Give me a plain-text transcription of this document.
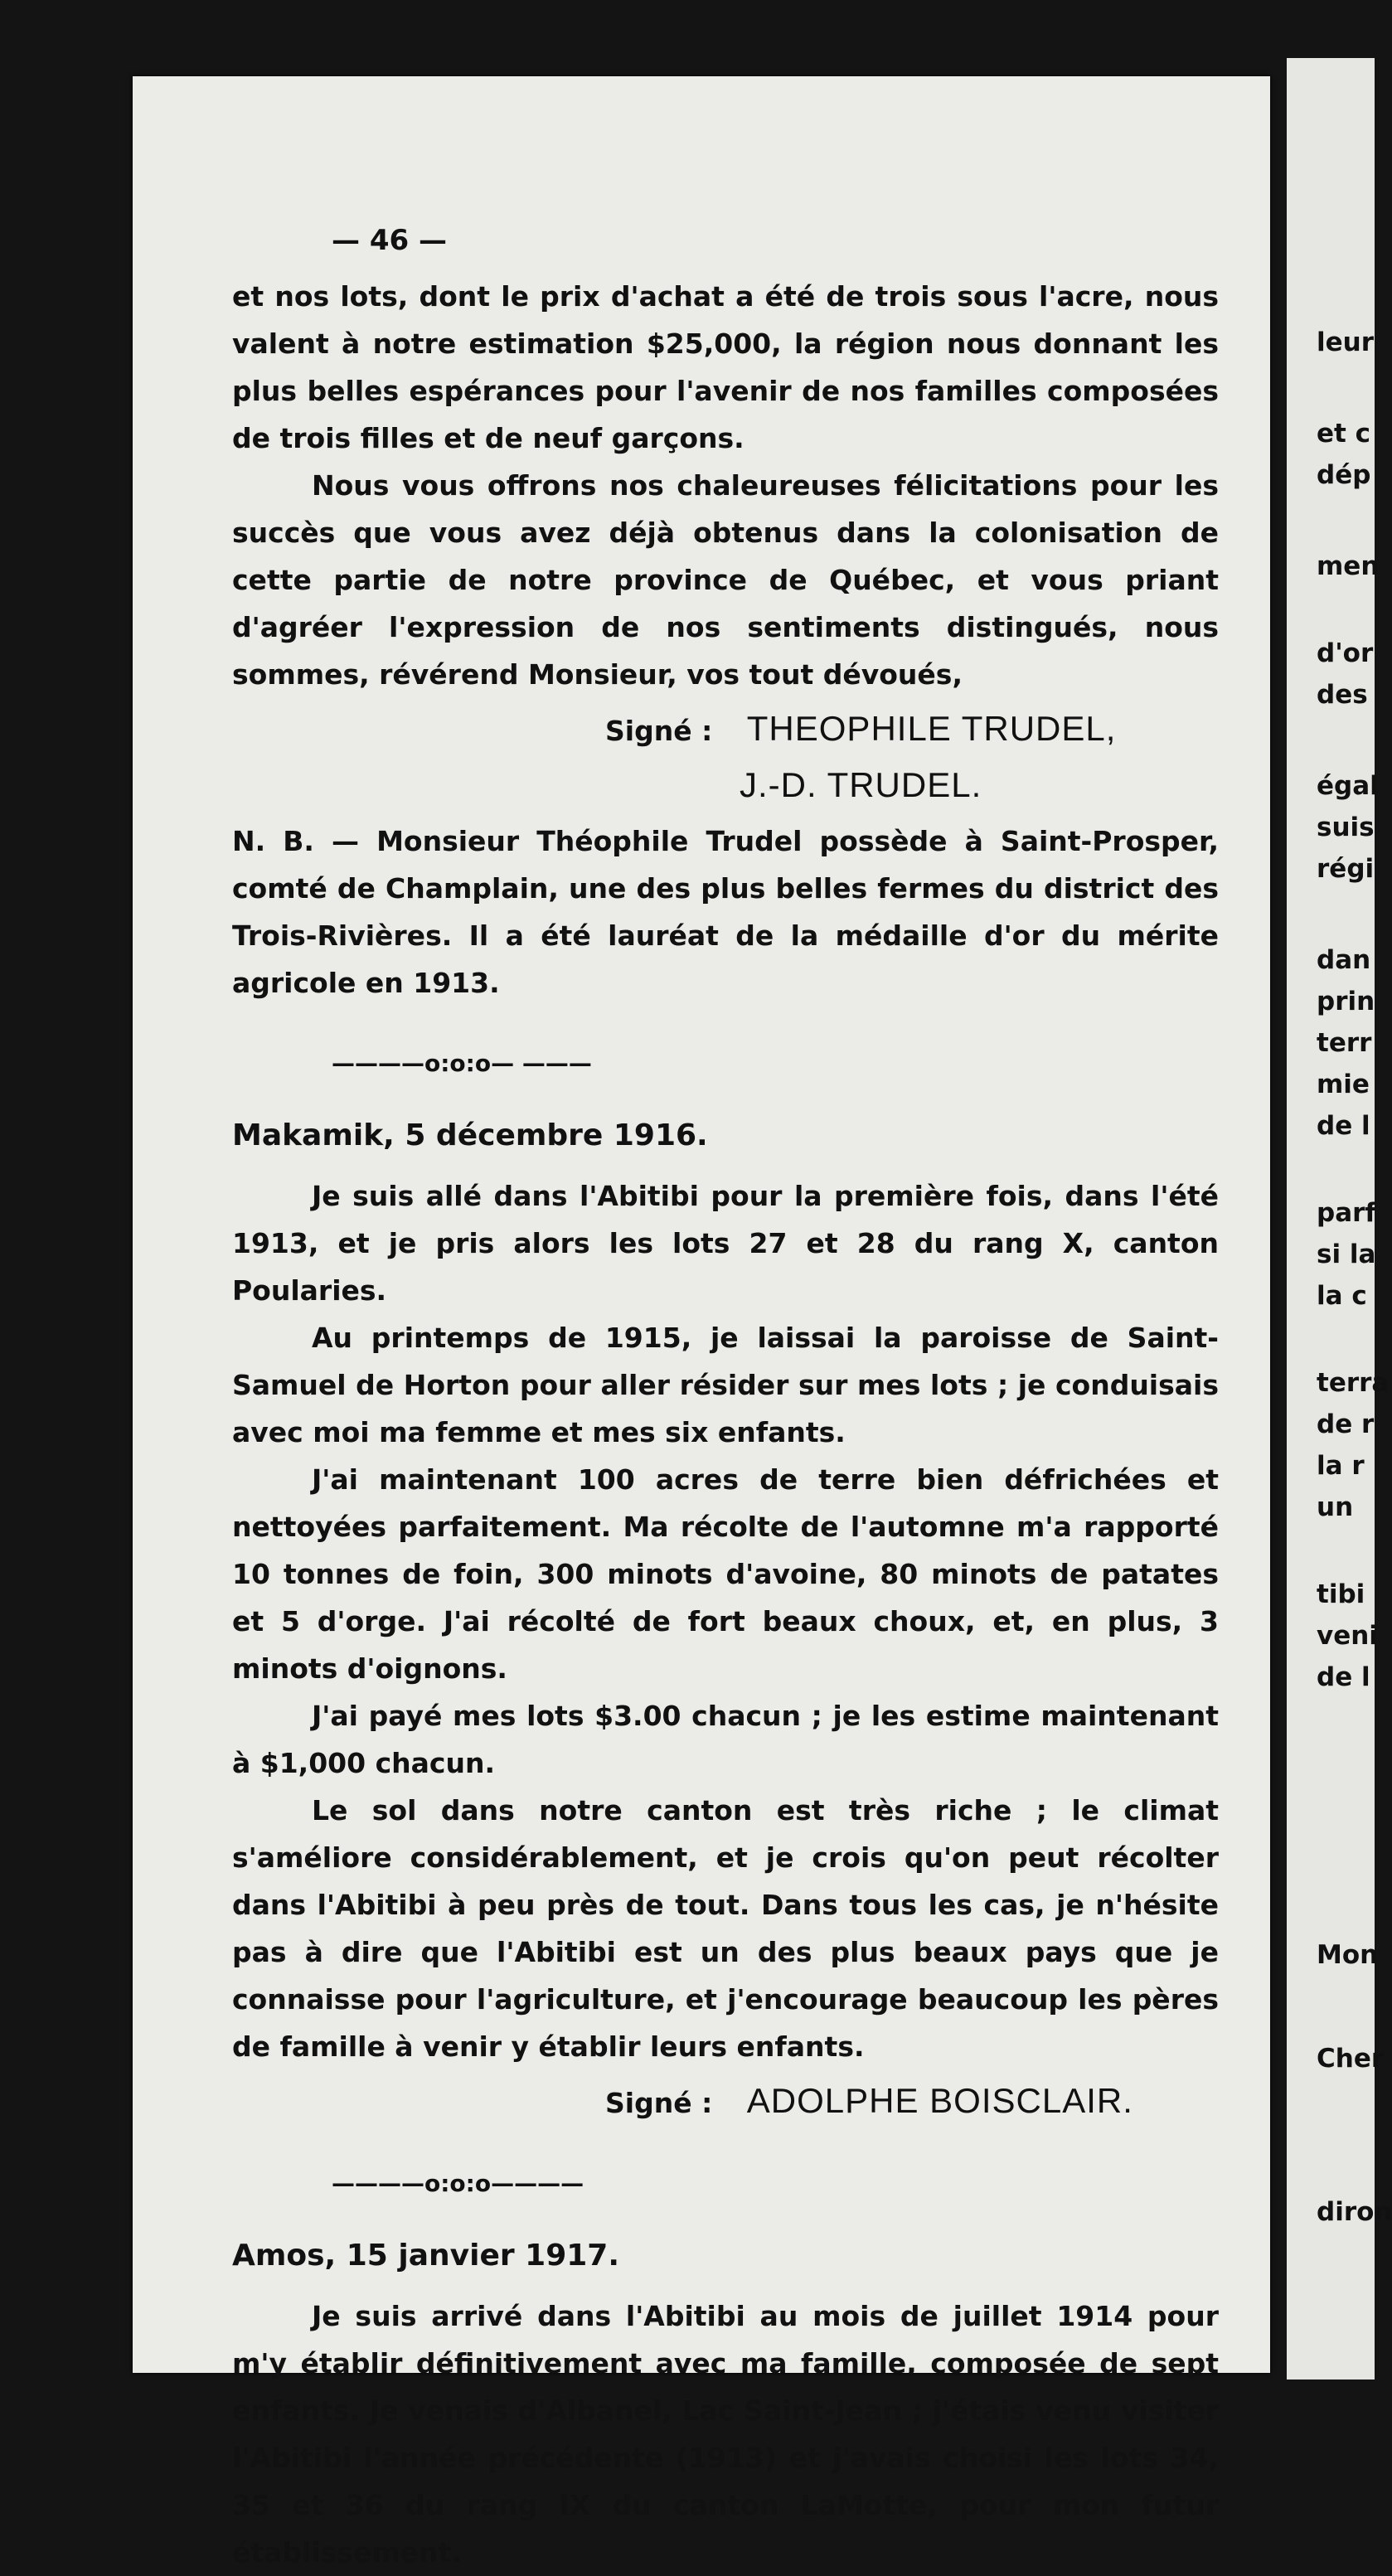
leur
et c
dép
men
d'or
des
égal
suis
régi
dan
prin
terr
mie
de l
parf
si la
la c
terra
de r
la r
un
tibi
veni
de l
Mon
Cher
diron

— 46 —

et nos lots, dont le prix d'achat a été de trois sous l'acre, nous valent à notre estimation $25,000, la région nous donnant les plus belles espérances pour l'avenir de nos familles composées de trois filles et de neuf garçons.

Nous vous offrons nos chaleureuses félicitations pour les succès que vous avez déjà obtenus dans la colonisation de cette partie de notre province de Québec, et vous priant d'agréer l'expression de nos sentiments distingués, nous sommes, révérend Monsieur, vos tout dévoués,

Signé : THEOPHILE TRUDEL,

J.-D. TRUDEL.

N. B. — Monsieur Théophile Trudel possède à Saint-Prosper, comté de Champlain, une des plus belles fermes du district des Trois-Rivières. Il a été lauréat de la médaille d'or du mérite agricole en 1913.

————o:o:o— ———

Makamik, 5 décembre 1916.

Je suis allé dans l'Abitibi pour la première fois, dans l'été 1913, et je pris alors les lots 27 et 28 du rang X, canton Poularies.

Au printemps de 1915, je laissai la paroisse de Saint-Samuel de Horton pour aller résider sur mes lots ; je conduisais avec moi ma femme et mes six enfants.

J'ai maintenant 100 acres de terre bien défrichées et nettoyées parfaitement. Ma récolte de l'automne m'a rapporté 10 tonnes de foin, 300 minots d'avoine, 80 minots de patates et 5 d'orge. J'ai récolté de fort beaux choux, et, en plus, 3 minots d'oignons.

J'ai payé mes lots $3.00 chacun ; je les estime maintenant à $1,000 chacun.

Le sol dans notre canton est très riche ; le climat s'améliore considérablement, et je crois qu'on peut récolter dans l'Abitibi à peu près de tout. Dans tous les cas, je n'hésite pas à dire que l'Abitibi est un des plus beaux pays que je connaisse pour l'agriculture, et j'encourage beaucoup les pères de famille à venir y établir leurs enfants.

Signé : ADOLPHE BOISCLAIR.

————o:o:o————

Amos, 15 janvier 1917.

Je suis arrivé dans l'Abitibi au mois de juillet 1914 pour m'y établir définitivement avec ma famille, composée de sept enfants. Je venais d'Albanel, Lac Saint-Jean ; j'étais venu visiter l'Abitibi l'année précédente (1913) et j'avais choisi les lots 34, 35 et 36 du rang IX du canton LaMotte, pour mon futur établissement.
